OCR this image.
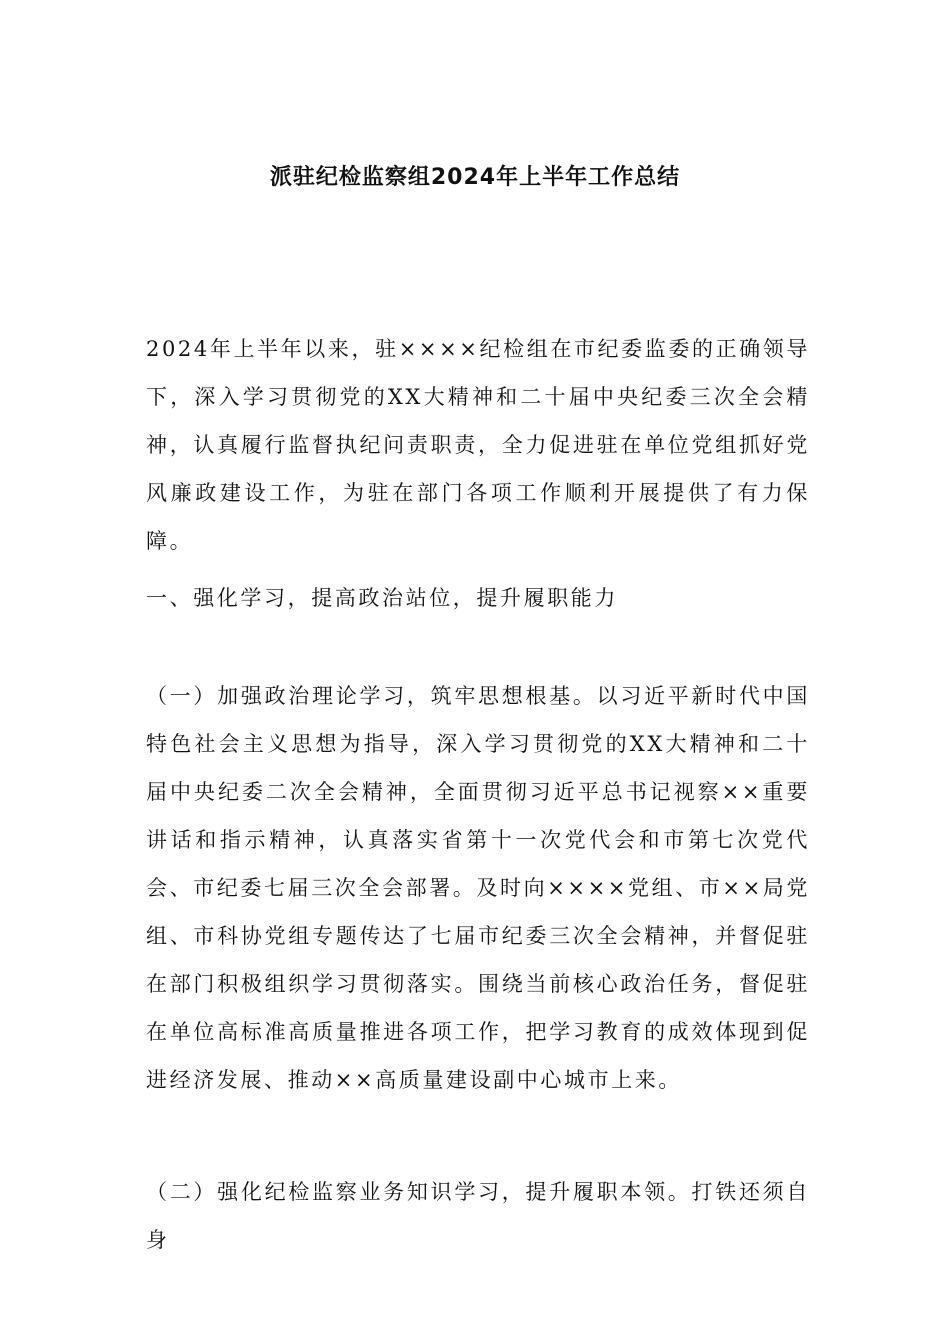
派驻纪检监察组2024年上半年工作总结

2024年上半年以来，驻××××纪检组在市纪委监委的正确领导下，深入学习贯彻党的XX大精神和二十届中央纪委三次全会精神，认真履行监督执纪问责职责，全力促进驻在单位党组抓好党风廉政建设工作，为驻在部门各项工作顺利开展提供了有力保障。

一、强化学习，提高政治站位，提升履职能力

（一）加强政治理论学习，筑牢思想根基。以习近平新时代中国特色社会主义思想为指导，深入学习贯彻党的XX大精神和二十届中央纪委二次全会精神，全面贯彻习近平总书记视察××重要讲话和指示精神，认真落实省第十一次党代会和市第七次党代会、市纪委七届三次全会部署。及时向××××党组、市××局党组、市科协党组专题传达了七届市纪委三次全会精神，并督促驻在部门积极组织学习贯彻落实。围绕当前核心政治任务，督促驻在单位高标准高质量推进各项工作，把学习教育的成效体现到促进经济发展、推动××高质量建设副中心城市上来。

（二）强化纪检监察业务知识学习，提升履职本领。打铁还须自身
